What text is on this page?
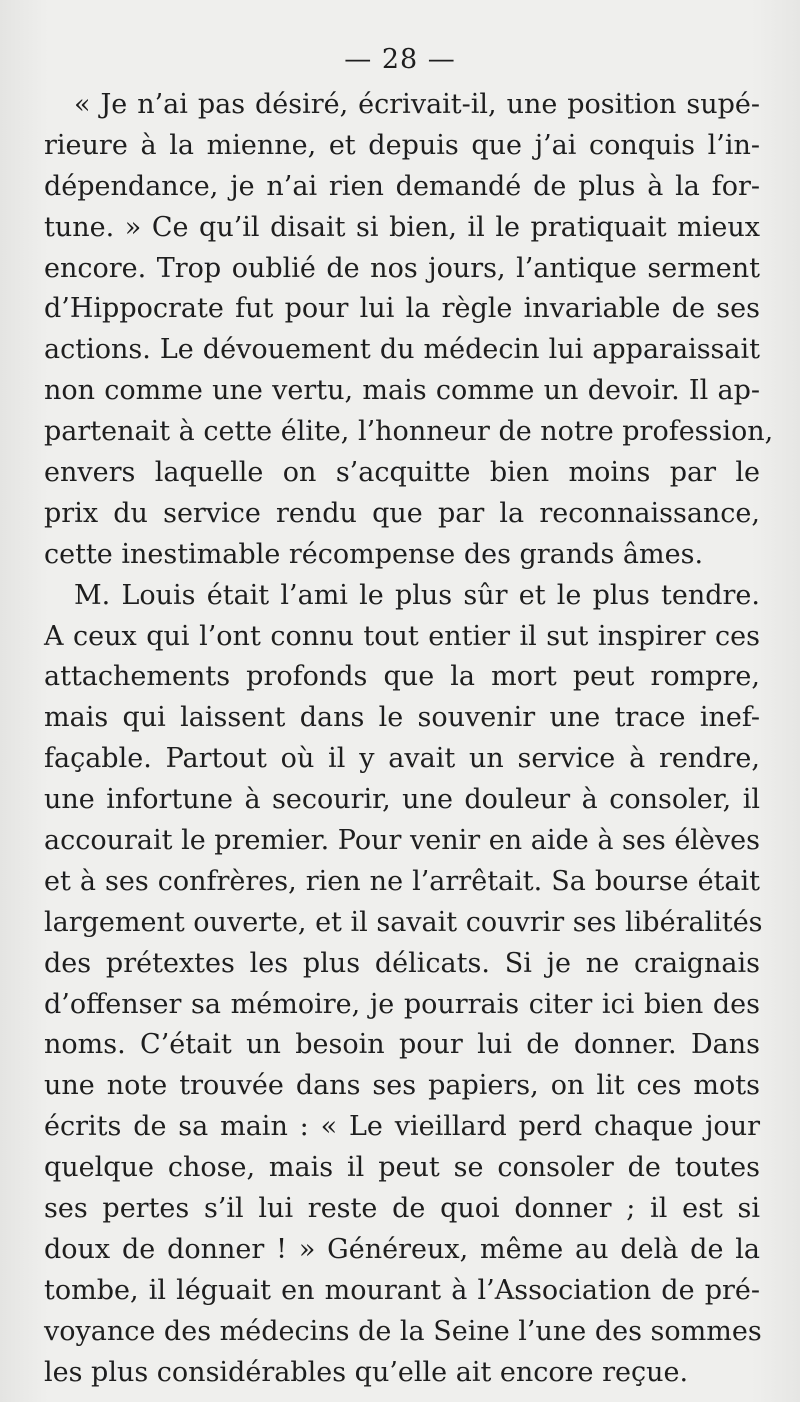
— 28 —
« Je n’ai pas désiré, écrivait-il, une position supé-
rieure à la mienne, et depuis que j’ai conquis l’in-
dépendance, je n’ai rien demandé de plus à la for-
tune. » Ce qu’il disait si bien, il le pratiquait mieux
encore. Trop oublié de nos jours, l’antique serment
d’Hippocrate fut pour lui la règle invariable de ses
actions. Le dévouement du médecin lui apparaissait
non comme une vertu, mais comme un devoir. Il ap-
partenait à cette élite, l’honneur de notre profession,
envers laquelle on s’acquitte bien moins par le
prix du service rendu que par la reconnaissance,
cette inestimable récompense des grands âmes.
M. Louis était l’ami le plus sûr et le plus tendre.
A ceux qui l’ont connu tout entier il sut inspirer ces
attachements profonds que la mort peut rompre,
mais qui laissent dans le souvenir une trace inef-
façable. Partout où il y avait un service à rendre,
une infortune à secourir, une douleur à consoler, il
accourait le premier. Pour venir en aide à ses élèves
et à ses confrères, rien ne l’arrêtait. Sa bourse était
largement ouverte, et il savait couvrir ses libéralités
des prétextes les plus délicats. Si je ne craignais
d’offenser sa mémoire, je pourrais citer ici bien des
noms. C’était un besoin pour lui de donner. Dans
une note trouvée dans ses papiers, on lit ces mots
écrits de sa main : « Le vieillard perd chaque jour
quelque chose, mais il peut se consoler de toutes
ses pertes s’il lui reste de quoi donner ; il est si
doux de donner ! » Généreux, même au delà de la
tombe, il léguait en mourant à l’Association de pré-
voyance des médecins de la Seine l’une des sommes
les plus considérables qu’elle ait encore reçue.
